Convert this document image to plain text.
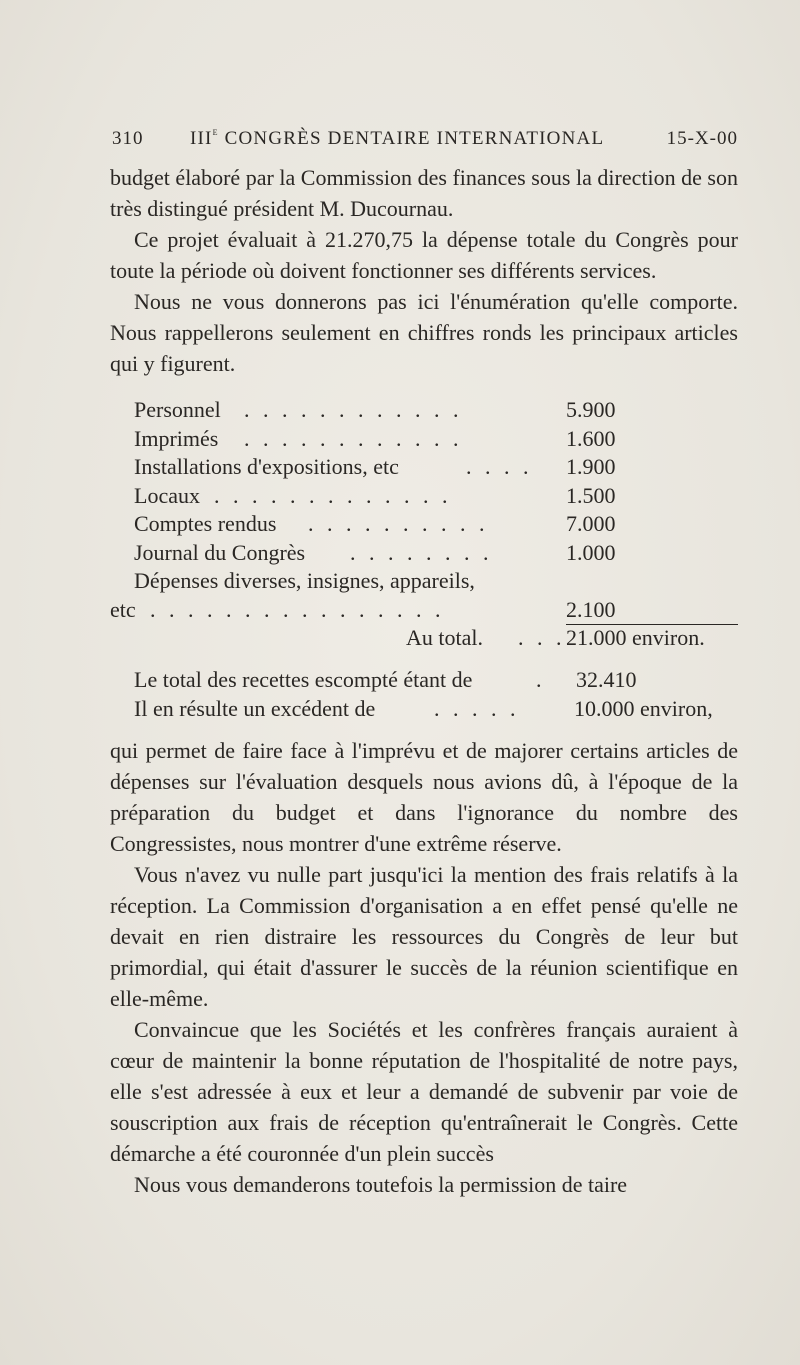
310 IIIe CONGRÈS DENTAIRE INTERNATIONAL	15-X-00

budget élaboré par la Commission des finances sous la direction de son très distingué président M. Ducournau.

Ce projet évaluait à 21.270,75 la dépense totale du Congrès pour toute la période où doivent fonctionner ses différents services.

Nous ne vous donnerons pas ici l'énumération qu'elle comporte. Nous rappellerons seulement en chiffres ronds les principaux articles qui y figurent.

Personnel . . . . . . . . . . . .	5.900
Imprimés . . . . . . . . . . . .	1.600
Installations d'expositions, etc	. . . . 1.900
Locaux . . . . . . . . . . . . .	1.500
Comptes rendus . . . . . . . . . .	7.000
Journal du Congrès . . . . . . . .	1.000
Dépenses diverses, insignes, appareils,
etc . . . . . . . . . . . . . . . .	2.100
Au total. . . . 21.000 environ.
Le total des recettes escompté étant de	. 32.410
Il en résulte un excédent de	. . . . . 10.000 environ,

qui permet de faire face à l'imprévu et de majorer certains articles de dépenses sur l'évaluation desquels nous avions dû, à l'époque de la préparation du budget et dans l'ignorance du nombre des Congressistes, nous montrer d'une extrême réserve.

Vous n'avez vu nulle part jusqu'ici la mention des frais relatifs à la réception. La Commission d'organisation a en effet pensé qu'elle ne devait en rien distraire les ressources du Congrès de leur but primordial, qui était d'assurer le succès de la réunion scientifique en elle-même.

Convaincue que les Sociétés et les confrères français auraient à cœur de maintenir la bonne réputation de l'hospitalité de notre pays, elle s'est adressée à eux et leur a demandé de subvenir par voie de souscription aux frais de réception qu'entraînerait le Congrès. Cette démarche a été couronnée d'un plein succès

Nous vous demanderons toutefois la permission de taire
